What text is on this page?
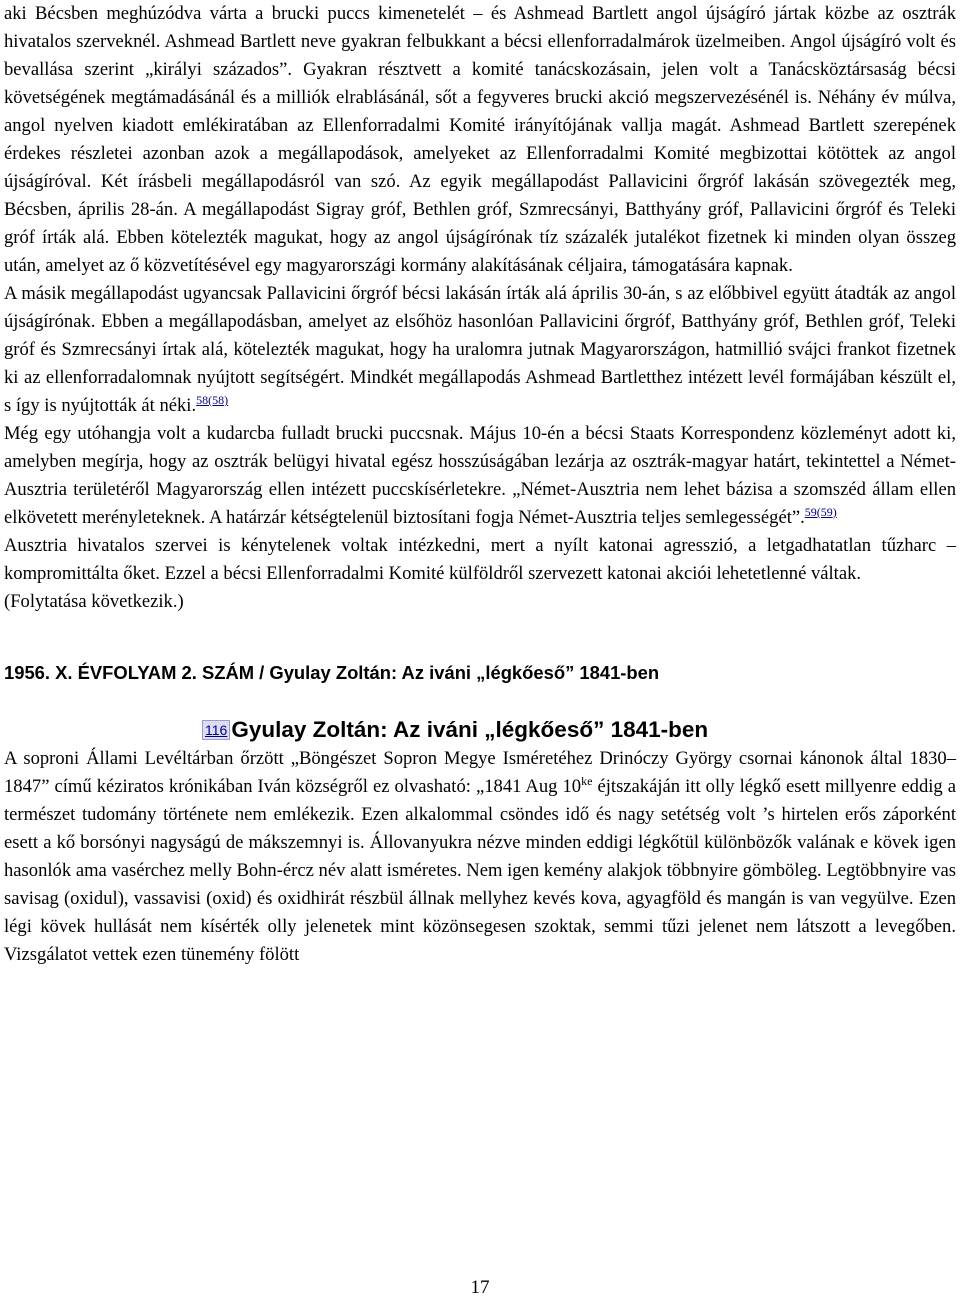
aki Bécsben meghúzódva várta a brucki puccs kimenetelét – és Ashmead Bartlett angol újságíró jártak közbe az osztrák hivatalos szerveknél. Ashmead Bartlett neve gyakran felbukkant a bécsi ellenforradalmárok üzelmeiben. Angol újságíró volt és bevallása szerint „királyi százados”. Gyakran résztvett a komité tanácskozásain, jelen volt a Tanácsköztársaság bécsi követségének megtámadásánál és a milliók elrablásánál, sőt a fegyveres brucki akció megszervezésénél is. Néhány év múlva, angol nyelven kiadott emlékiratában az Ellenforradalmi Komité irányítójának vallja magát. Ashmead Bartlett szerepének érdekes részletei azonban azok a megállapodások, amelyeket az Ellenforradalmi Komité megbizottai kötöttek az angol újságíróval. Két írásbeli megállapodásról van szó. Az egyik megállapodást Pallavicini őrgróf lakásán szövegezték meg, Bécsben, április 28-án. A megállapodást Sigray gróf, Bethlen gróf, Szmrecsányi, Batthyány gróf, Pallavicini őrgróf és Teleki gróf írták alá. Ebben kötelezték magukat, hogy az angol újságírónak tíz százalék jutalékot fizetnek ki minden olyan összeg után, amelyet az ő közvetítésével egy magyarországi kormány alakításának céljaira, támogatására kapnak.

A másik megállapodást ugyancsak Pallavicini őrgróf bécsi lakásán írták alá április 30-án, s az előbbivel együtt átadták az angol újságírónak. Ebben a megállapodásban, amelyet az elsőhöz hasonlóan Pallavicini őrgróf, Batthyány gróf, Bethlen gróf, Teleki gróf és Szmrecsányi írtak alá, kötelezték magukat, hogy ha uralomra jutnak Magyarországon, hatmillió svájci frankot fizetnek ki az ellenforradalomnak nyújtott segítségért. Mindkét megállapodás Ashmead Bartletthez intézett levél formájában készült el, s így is nyújtották át néki.$^{58(58)}$

Még egy utóhangja volt a kudarcba fulladt brucki puccsnak. Május 10-én a bécsi Staats Korrespondenz közleményt adott ki, amelyben megírja, hogy az osztrák belügyi hivatal egész hosszúságában lezárja az osztrák-magyar határt, tekintettel a Német-Ausztria területéről Magyarország ellen intézett puccskísérletekre. „Német-Ausztria nem lehet bázisa a szomszéd állam ellen elkövetett merényleteknek. A határzár kétségtelenül biztosítani fogja Német-Ausztria teljes semlegességét”.$^{59(59)}$

Ausztria hivatalos szervei is kénytelenek voltak intézkedni, mert a nyílt katonai agresszió, a letgadhatatlan tűzharc – kompromittálta őket. Ezzel a bécsi Ellenforradalmi Komité külföldről szervezett katonai akciói lehetetlenné váltak.

(Folytatása következik.)

1956. X. ÉVFOLYAM 2. SZÁM / Gyulay Zoltán: Az iváni „légkőeső” 1841-ben
116 Gyulay Zoltán: Az iváni „légkőeső” 1841-ben

A soproni Állami Levéltárban őrzött „Böngészet Sopron Megye Isméretéhez Drinóczy György csornai kánonok által 1830–1847” című kéziratos krónikában Iván községről ez olvasható: „1841 Aug 10$^{ke}$ éjtszakáján itt olly légkő esett millyenre eddig a természet tudomány története nem emlékezik. Ezen alkalommal csöndes idő és nagy setétség volt ’s hirtelen erős záporként esett a kő borsónyi nagyságú de mákszemnyi is. Állovanyukra nézve minden eddigi légkőtül különbözők valának e kövek igen hasonlók ama vasérchez melly Bohn-ércz név alatt isméretes. Nem igen kemény alakjok többnyire gömböleg. Legtöbbnyire vas savisag (oxidul), vassavisi (oxid) és oxidhirát részbül állnak mellyhez kevés kova, agyagföld és mangán is van vegyülve. Ezen légi kövek hullását nem kísérték olly jelenetek mint közönsegesen szoktak, semmi tűzi jelenet nem látszott a levegőben. Vizsgálatot vettek ezen tünemény fölött

17
